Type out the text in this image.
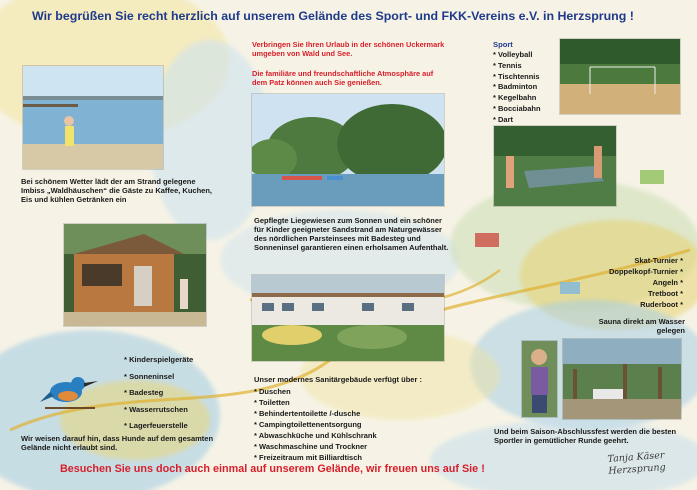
Wir begrüßen Sie recht herzlich auf unserem Gelände des Sport- und FKK-Vereins e.V. in Herzsprung !
Bei schönem Wetter lädt der am Strand gelegene Imbiss „Waldhäuschen“ die Gäste zu Kaffee, Kuchen, Eis und kühlen Getränken ein
* Kinderspielgeräte
* Sonneninsel
* Badesteg
* Wasserrutschen
* Lagerfeuerstelle
Wir weisen darauf hin, dass Hunde auf dem gesamten Gelände nicht erlaubt sind.
Verbringen Sie Ihren Urlaub in der schönen Uckermark umgeben von Wald und See.
Die familiäre und freundschaftliche Atmosphäre auf dem Patz können auch Sie genießen.
Gepflegte Liegewiesen zum Sonnen und ein schöner für Kinder geeigneter Sandstrand am Naturgewässer des nördlichen Parsteinsees mit Badesteg und Sonneninsel garantieren einen erholsamen Aufenthalt.
Unser modernes Sanitärgebäude verfügt über :
* Duschen
* Toiletten
* Behindertentoilette /-dusche
* Campingtoilettenentsorgung
* Abwaschküche und Kühlschrank
* Waschmaschine und Trockner
* Freizeitraum mit Billiardtisch
Sport
* Volleyball
* Tennis
* Tischtennis
* Badminton
* Kegelbahn
* Bocciabahn
* Dart
Skat-Turnier *
Doppelkopf-Turnier *
Angeln *
Tretboot *
Ruderboot *
Sauna direkt am Wasser gelegen
Und beim Saison-Abschlussfest werden die besten Sportler in gemütlicher Runde geehrt.
Besuchen Sie uns doch auch einmal auf unserem Gelände, wir freuen uns auf Sie !
Tanja Käser Herzsprung
